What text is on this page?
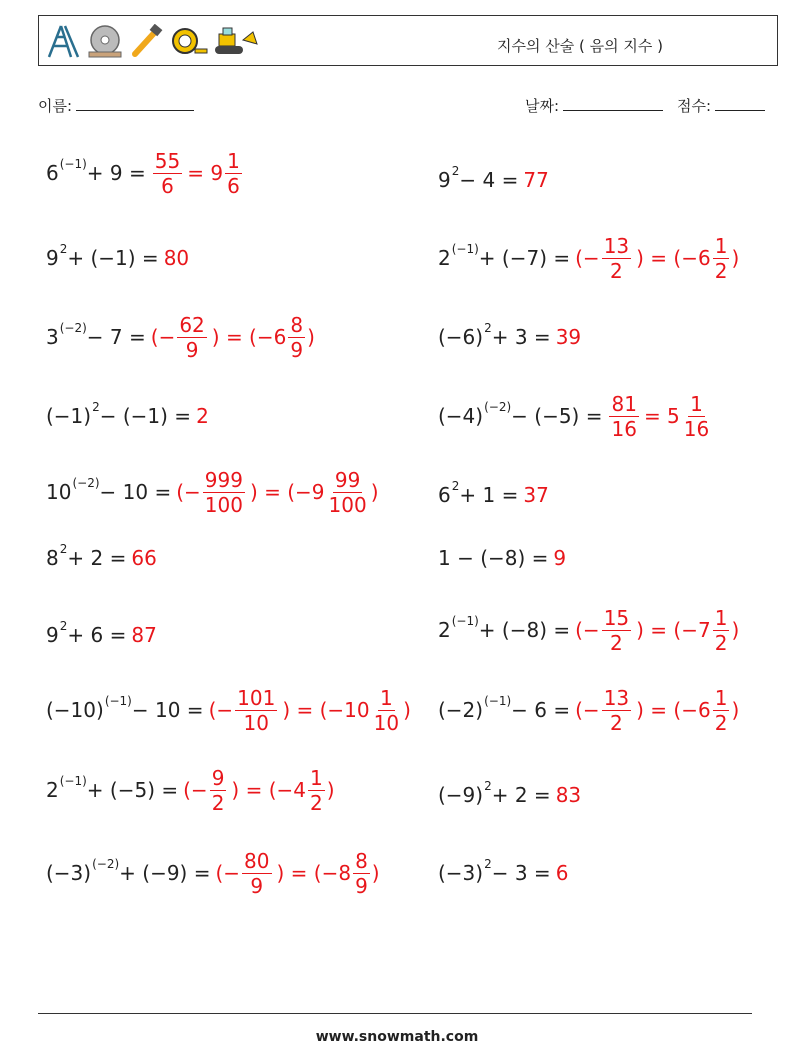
지수의 산술 ( 음의 지수 )
이름:	날짜:	점수:
$6^{(-1)} + 9 = \frac{55}{6} = 9 \frac{1}{6}$
$9^2 + (-1) = 80$
$3^{(-2)} - 7$ = (− $\frac{62}{9}$ ) = ($-6 \frac{8}{9}$ )
$(-1)^2 - (-1) = 2$
$10^{(-2)} - 10$ = (− $\frac{999}{100}$ ) = ($-9 \frac{99}{100}$ )
$8^2 + 2 = 66$
$9^2 + 6 = 87$
$(-10)^{(-1)} - 10$ = (− $\frac{101}{10}$ ) = ($-10 \frac{1}{10}$ )
$2^{(-1)} + (-5)$ = (− $\frac{9}{2}$ ) = ($-4 \frac{1}{2}$ )
$(-3)^{(-2)} + (-9)$ = (− $\frac{80}{9}$ ) = ($-8 \frac{8}{9}$ )
$9^2 - 4 = 77$
$2^{(-1)} + (-7)$ = (− $\frac{13}{2}$ ) = ($-6 \frac{1}{2}$ )
$(-6)^2 + 3 = 39$
$(-4)^{(-2)} - (-5) = \frac{81}{16} = 5 \frac{1}{16}$
$6^2 + 1 = 37$
1 − (−8) = 9
$2^{(-1)} + (-8)$ = (− $\frac{15}{2}$ ) = ($-7 \frac{1}{2}$ )
$(-2)^{(-1)} - 6$ = (− $\frac{13}{2}$ ) = ($-6 \frac{1}{2}$ )
$(-9)^2 + 2 = 83$
$(-3)^2 - 3 = 6$
www.snowmath.com
